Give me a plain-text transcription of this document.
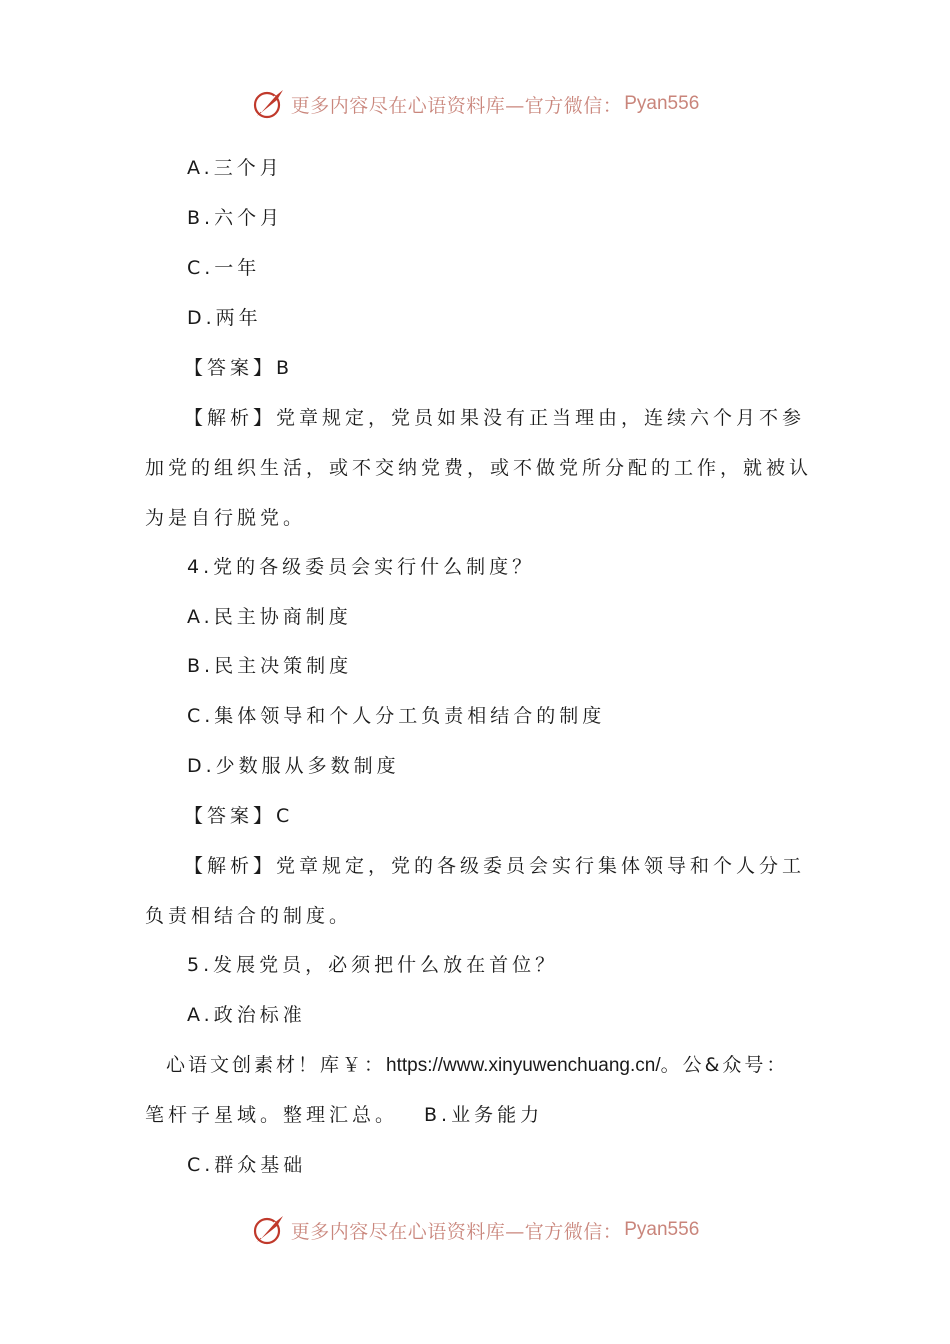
更多内容尽在心语资料库—官方微信： Pyan556
A.三个月
B.六个月
C.一年
D.两年
【答案】B
【解析】党章规定，党员如果没有正当理由，连续六个月不参
加党的组织生活，或不交纳党费，或不做党所分配的工作，就被认
为是自行脱党。
4.党的各级委员会实行什么制度？
A.民主协商制度
B.民主决策制度
C.集体领导和个人分工负责相结合的制度
D.少数服从多数制度
【答案】C
【解析】党章规定，党的各级委员会实行集体领导和个人分工
负责相结合的制度。
5.发展党员，必须把什么放在首位？
A.政治标准
心语文创素材！库￥：https://www.xinyuwenchuang.cn/。公&众号：
笔杆子星域。整理汇总。 B.业务能力
C.群众基础
更多内容尽在心语资料库—官方微信： Pyan556
